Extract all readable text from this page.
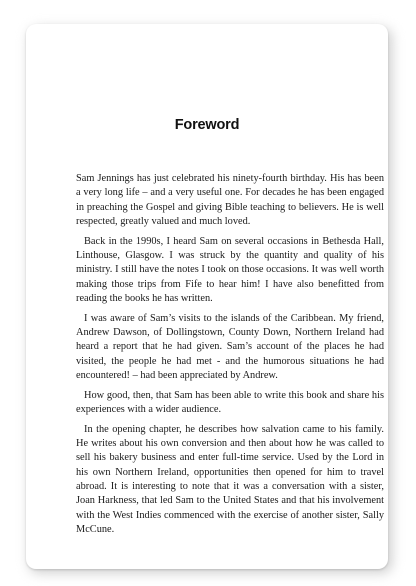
Foreword

Sam Jennings has just celebrated his ninety-fourth birthday. His has been a very long life – and a very useful one. For decades he has been engaged in preaching the Gospel and giving Bible teaching to believers. He is well respected, greatly valued and much loved.

Back in the 1990s, I heard Sam on several occasions in Bethesda Hall, Linthouse, Glasgow. I was struck by the quantity and quality of his ministry. I still have the notes I took on those occasions. It was well worth making those trips from Fife to hear him! I have also benefitted from reading the books he has written.

I was aware of Sam’s visits to the islands of the Caribbean. My friend, Andrew Dawson, of Dollingstown, County Down, Northern Ireland had heard a report that he had given. Sam’s account of the places he had visited, the people he had met - and the humorous situations he had encountered! – had been appreciated by Andrew.

How good, then, that Sam has been able to write this book and share his experiences with a wider audience.

In the opening chapter, he describes how salvation came to his family. He writes about his own conversion and then about how he was called to sell his bakery business and enter full-time service. Used by the Lord in his own Northern Ireland, opportunities then opened for him to travel abroad. It is interesting to note that it was a conversation with a sister, Joan Harkness, that led Sam to the United States and that his involvement with the West Indies commenced with the exercise of another sister, Sally McCune.
